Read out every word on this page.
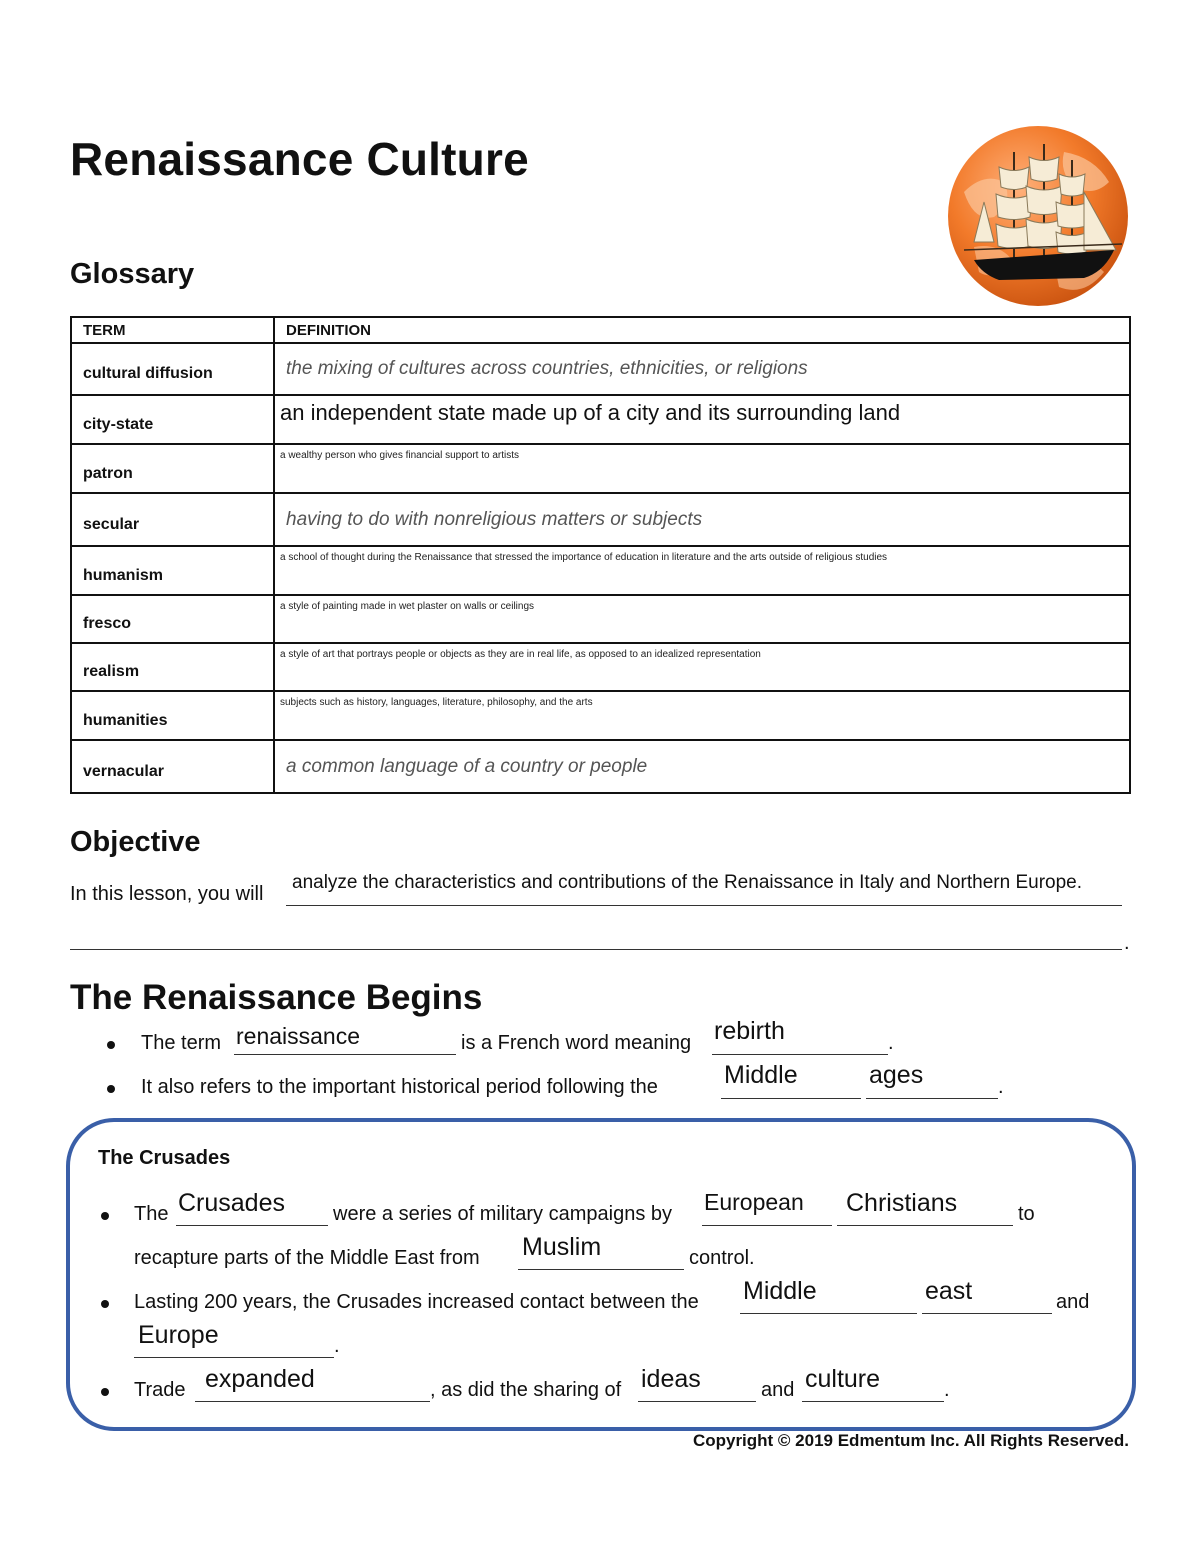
Renaissance Culture
Glossary
TERM	DEFINITION
cultural diffusion	the mixing of cultures across countries, ethnicities, or religions

city-state	an independent state made up of a city and its surrounding land

patron	a wealthy person who gives financial support to artists

secular	having to do with nonreligious matters or subjects

humanism	a school of thought during the Renaissance that stressed the importance of education in literature and the arts outside of religious studies

fresco	a style of painting made in wet plaster on walls or ceilings

realism	a style of art that portrays people or objects as they are in real life, as opposed to an idealized representation

humanities	subjects such as history, languages, literature, philosophy, and the arts

vernacular	a common language of a country or people
Objective
In this lesson, you will
analyze the characteristics and contributions of the Renaissance in Italy and Northern Europe.
.
The Renaissance Begins
The term renaissance	is a French word meaning rebirth	.
It also refers to the important historical period following the	Middle	ages	.
The Crusades
The Crusades were a series of military campaigns by European Christians	to
recapture parts of the Middle East from Muslim	control.
Lasting 200 years, the Crusades increased contact between the Middle	east	and
Europe	.
Trade expanded	, as did the sharing of ideas	and culture	.
Copyright © 2019 Edmentum Inc. All Rights Reserved.
